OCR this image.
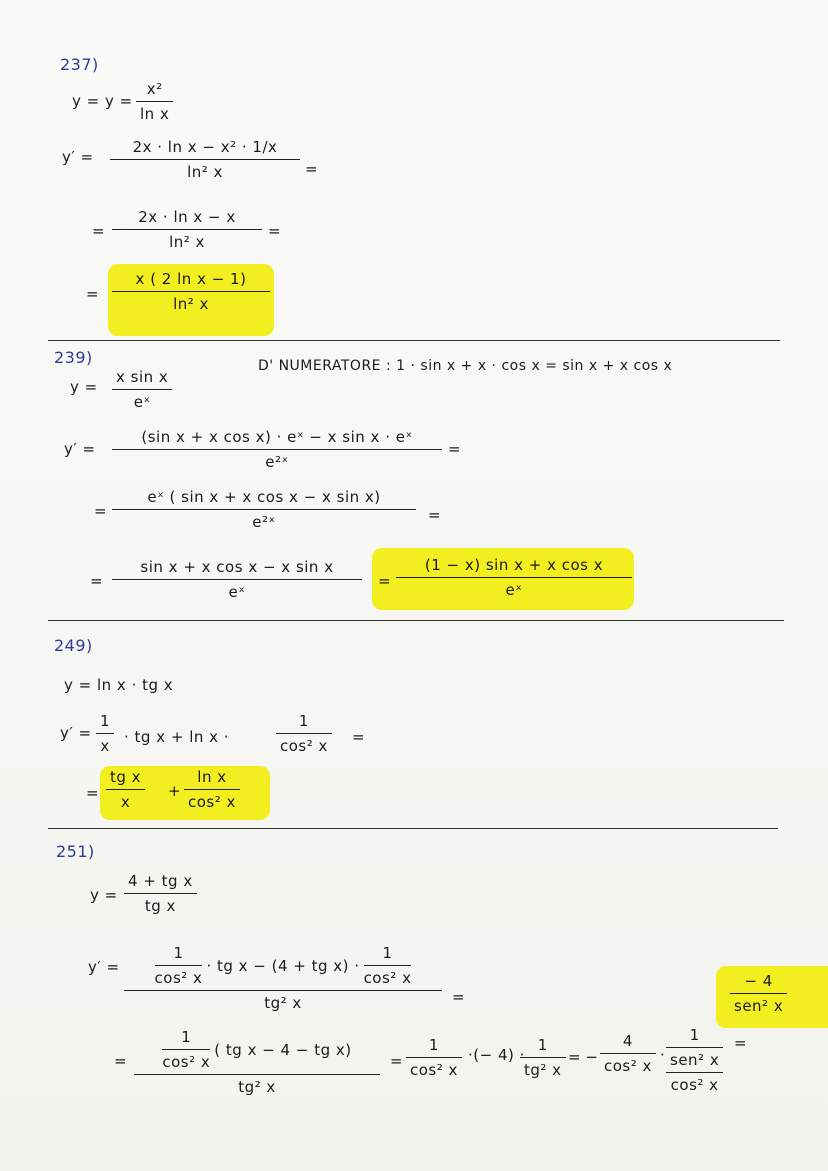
237)
y = y =
x²
ln x
y′ =
2x · ln x − x² · 1/x
ln² x	=
=
2x · ln x − x
ln² x
=
=
x ( 2 ln x − 1)
ln² x
239)	D' NUMERATORE : 1 · sin x + x · cos x = sin x + x cos x
y =
x sin x
eˣ
y′ =
(sin x + x cos x) · eˣ − x sin x · eˣ
e²ˣ
=
=
eˣ ( sin x + x cos x − x sin x)
e²ˣ	=
=
sin x + x cos x − x sin x
eˣ
=
(1 − x) sin x + x cos x
eˣ
249)
y = ln x · tg x
y′ =
1
x · tg x + ln x ·
1
cos² x =
=
tg x
x
+
ln x
cos² x
251)
y =
4 + tg x
tg x
y′ =
1
cos² x
· tg x − (4 + tg x) ·
1
cos² x
tg² x	=
− 4
sen² x
=
1
cos² x
( tg x − 4 − tg x)
tg² x
=
1
cos² x
·(− 4) ·
1
tg² x
= −
4
cos² x
·
1
sen² x
cos² x
=
